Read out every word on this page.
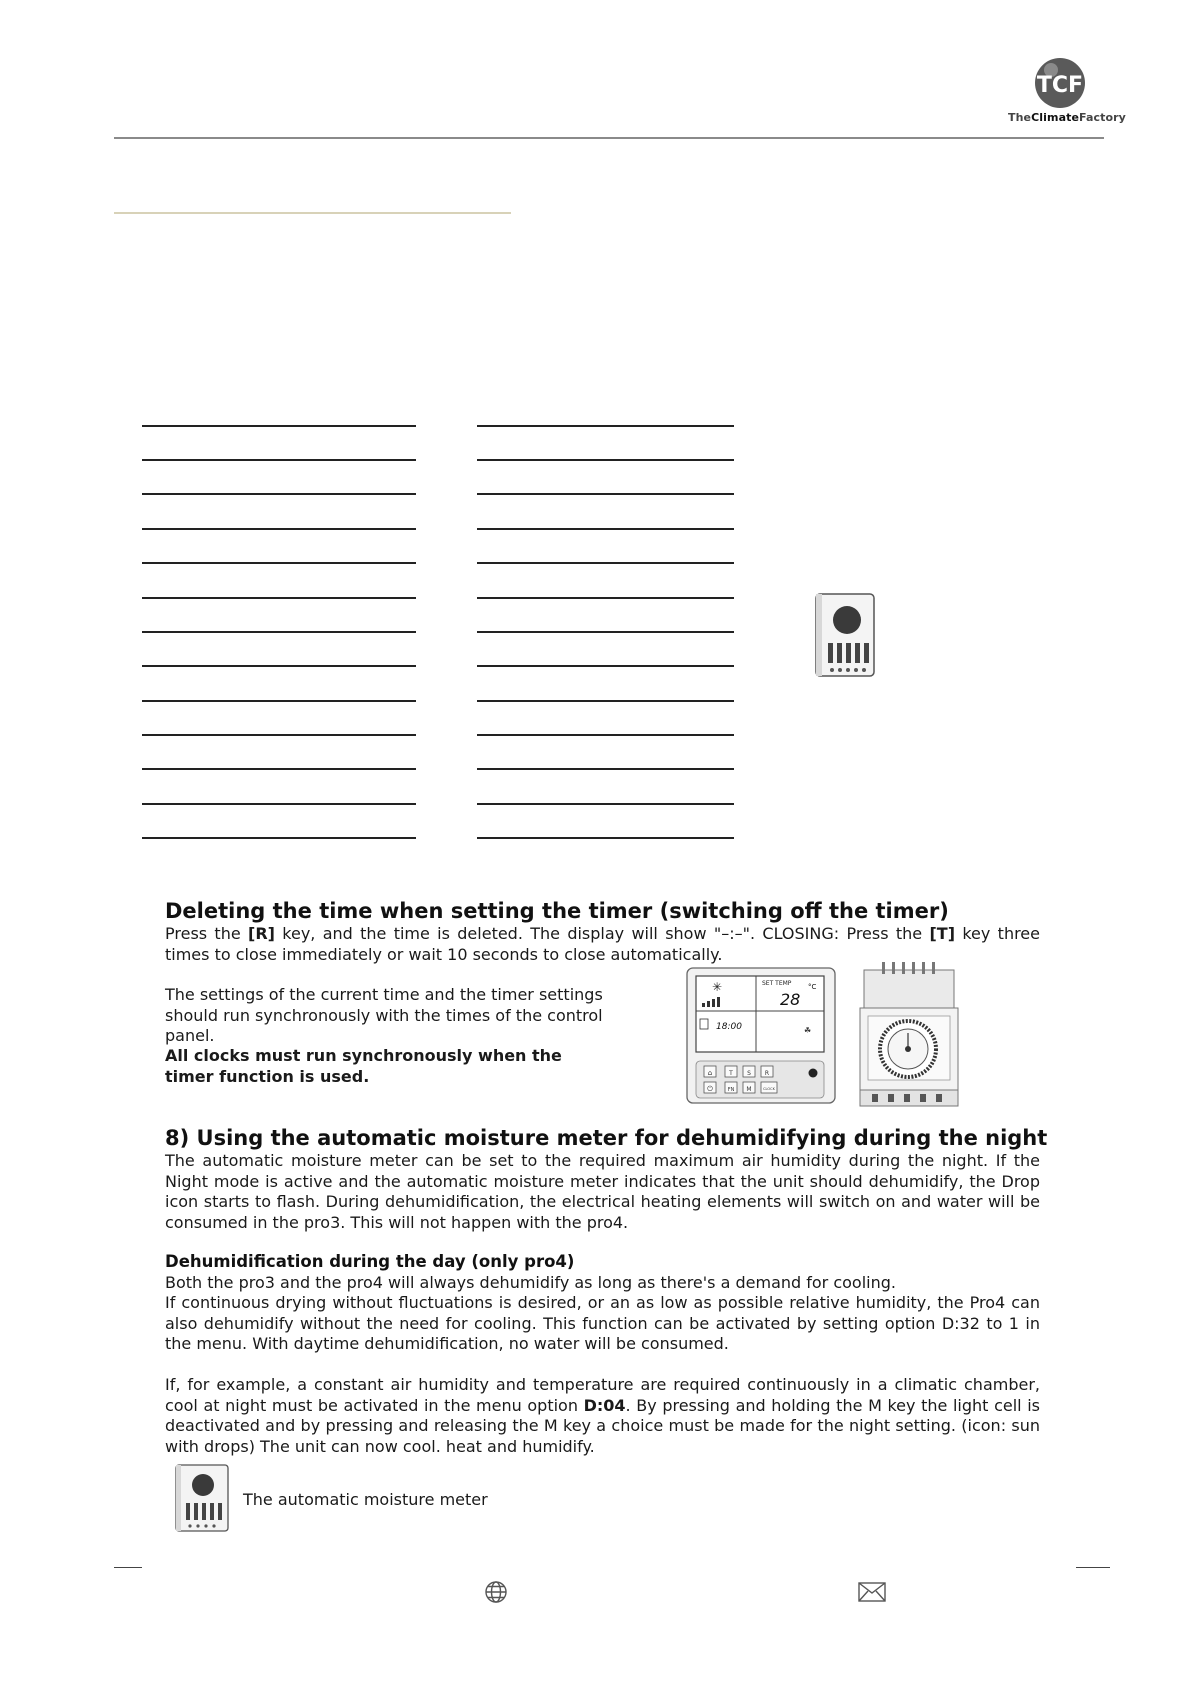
TCF
TheClimateFactory
Deleting the time when setting the timer (switching off the timer)

Press the [R] key, and the time is deleted. The display will show "–:–". CLOSING: Press the [T] key three times to close immediately or wait 10 seconds to close automatically.

The settings of the current time and the timer settings should run synchronously with the times of the control panel.

All clocks must run synchronously when the timer function is used.

✳	SET TEMP
28
°C
18:00	☘
⌂
⏻
T S R
FN M	CLOCK
8) Using the automatic moisture meter for dehumidifying during the night

The automatic moisture meter can be set to the required maximum air humidity during the night. If the Night mode is active and the automatic moisture meter indicates that the unit should dehumidify, the Drop icon starts to flash. During dehumidification, the electrical heating elements will switch on and water will be consumed in the pro3. This will not happen with the pro4.

Dehumidification during the day (only pro4)

Both the pro3 and the pro4 will always dehumidify as long as there's a demand for cooling.

If continuous drying without fluctuations is desired, or an as low as possible relative humidity, the Pro4 can also dehumidify without the need for cooling. This function can be activated by setting option D:32 to 1 in the menu. With daytime dehumidification, no water will be consumed.

If, for example, a constant air humidity and temperature are required continuously in a climatic chamber, cool at night must be activated in the menu option D:04. By pressing and holding the M key the light cell is deactivated and by pressing and releasing the M key a choice must be made for the night setting. (icon: sun with drops) The unit can now cool. heat and humidify.

The automatic moisture meter
